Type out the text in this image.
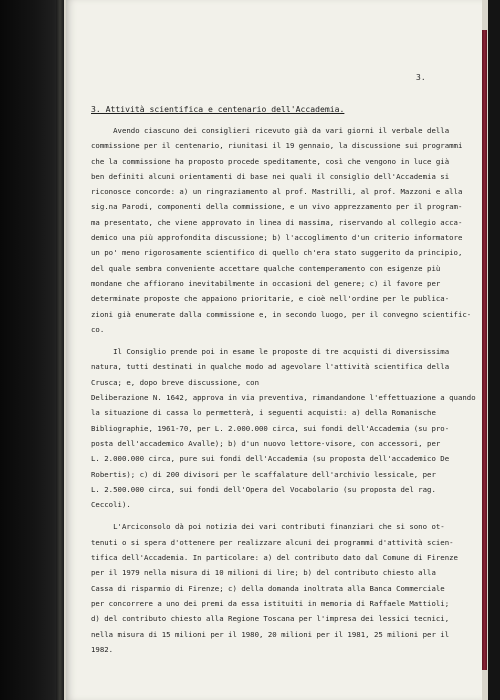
3.
3. Attività scientifica e centenario dell'Accademia.
Avendo ciascuno dei consiglieri ricevuto già da vari giorni il verbale della
commissione per il centenario, riunitasi il 19 gennaio, la discussione sui programmi
che la commissione ha proposto procede speditamente, così che vengono in luce già
ben definiti alcuni orientamenti di base nei quali il consiglio dell'Accademia si
riconosce concorde: a) un ringraziamento al prof. Mastrilli, al prof. Mazzoni e alla
sig.na Parodi, componenti della commissione, e un vivo apprezzamento per il program-
ma presentato, che viene approvato in linea di massima, riservando al collegio acca-
demico una più approfondita discussione; b) l'accoglimento d'un criterio informatore
un po' meno rigorosamente scientifico di quello ch'era stato suggerito da principio,
del quale sembra conveniente accettare qualche contemperamento con esigenze più
mondane che affiorano inevitabilmente in occasioni del genere; c) il favore per
determinate proposte che appaiono prioritarie, e cioè nell'ordine per le publica-
zioni già enumerate dalla commissione e, in secondo luogo, per il convegno scientific-
co.
Il Consiglio prende poi in esame le proposte di tre acquisti di diversissima
natura, tutti destinati in qualche modo ad agevolare l'attività scientifica della
Crusca; e, dopo breve discussione, con
Deliberazione N. 1642, approva in via preventiva, rimandandone l'effettuazione a quando
la situazione di cassa lo permetterà, i seguenti acquisti: a) della Romanische
Bibliographie, 1961-70, per L. 2.000.000 circa, sui fondi dell'Accademia (su pro-
posta dell'accademico Avalle); b) d'un nuovo lettore-visore, con accessori, per
L. 2.000.000 circa, pure sui fondi dell'Accademia (su proposta dell'accademico De
Robertis); c) di 200 divisori per le scaffalature dell'archivio lessicale, per
L. 2.500.000 circa, sui fondi dell'Opera del Vocabolario (su proposta del rag.
Ceccoli).
L'Arciconsolo dà poi notizia dei vari contributi finanziari che si sono ot-
tenuti o si spera d'ottenere per realizzare alcuni dei programmi d'attività scien-
tifica dell'Accademia. In particolare: a) del contributo dato dal Comune di Firenze
per il 1979 nella misura di 10 milioni di lire; b) del contributo chiesto alla
Cassa di risparmio di Firenze; c) della domanda inoltrata alla Banca Commerciale
per concorrere a uno dei premi da essa istituiti in memoria di Raffaele Mattioli;
d) del contributo chiesto alla Regione Toscana per l'impresa dei lessici tecnici,
nella misura di 15 milioni per il 1980, 20 milioni per il 1981, 25 milioni per il
1982.
